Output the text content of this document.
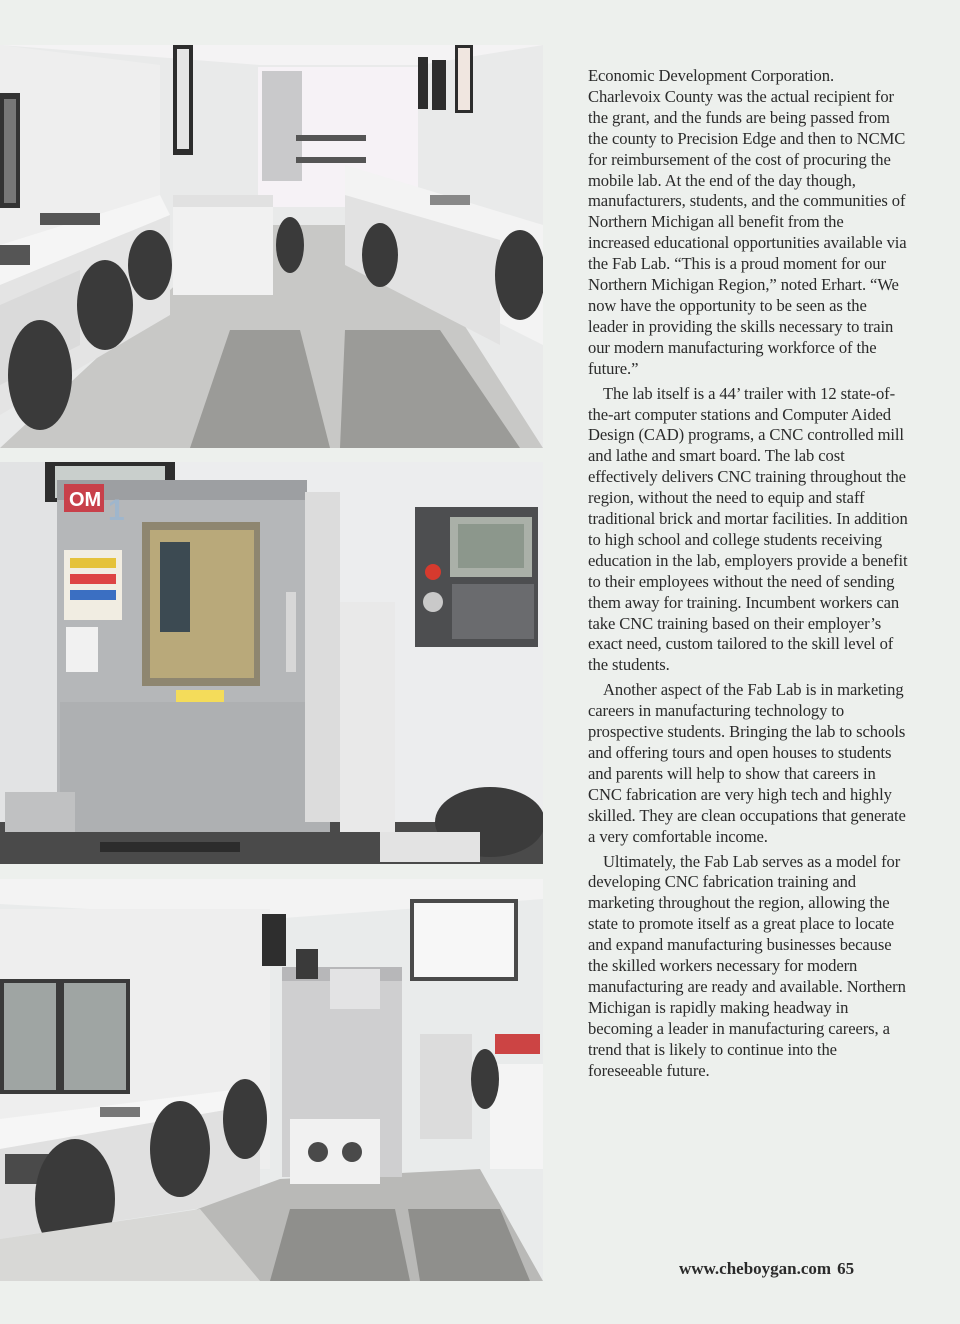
OM 1

Economic Development Corporation. Charlevoix County was the actual recipient for the grant, and the funds are being passed from the county to Precision Edge and then to NCMC for reimbursement of the cost of procuring the mobile lab. At the end of the day though, manufacturers, students, and the communities of Northern Michigan all benefit from the increased educational opportunities available via the Fab Lab. “This is a proud moment for our Northern Michigan Region,” noted Erhart. “We now have the opportunity to be seen as the leader in providing the skills necessary to train our modern manufacturing workforce of the future.”

The lab itself is a 44’ trailer with 12 state-of-the-art computer stations and Computer Aided Design (CAD) programs, a CNC controlled mill and lathe and smart board. The lab cost effectively delivers CNC training throughout the region, without the need to equip and staff traditional brick and mortar facilities. In addition to high school and college students receiving education in the lab, employers provide a benefit to their employees without the need of sending them away for training. Incumbent workers can take CNC training based on their employer’s exact need, custom tailored to the skill level of the students.

Another aspect of the Fab Lab is in marketing careers in manufacturing technology to prospective students. Bringing the lab to schools and offering tours and open houses to students and parents will help to show that careers in CNC fabrication are very high tech and highly skilled. They are clean occupations that generate a very comfortable income.

Ultimately, the Fab Lab serves as a model for developing CNC fabrication training and marketing throughout the region, allowing the state to promote itself as a great place to locate and expand manufacturing businesses because the skilled workers necessary for modern manufacturing are ready and available. Northern Michigan is rapidly making headway in becoming a leader in manufacturing careers, a trend that is likely to continue into the foreseeable future.

www.cheboygan.com 65
